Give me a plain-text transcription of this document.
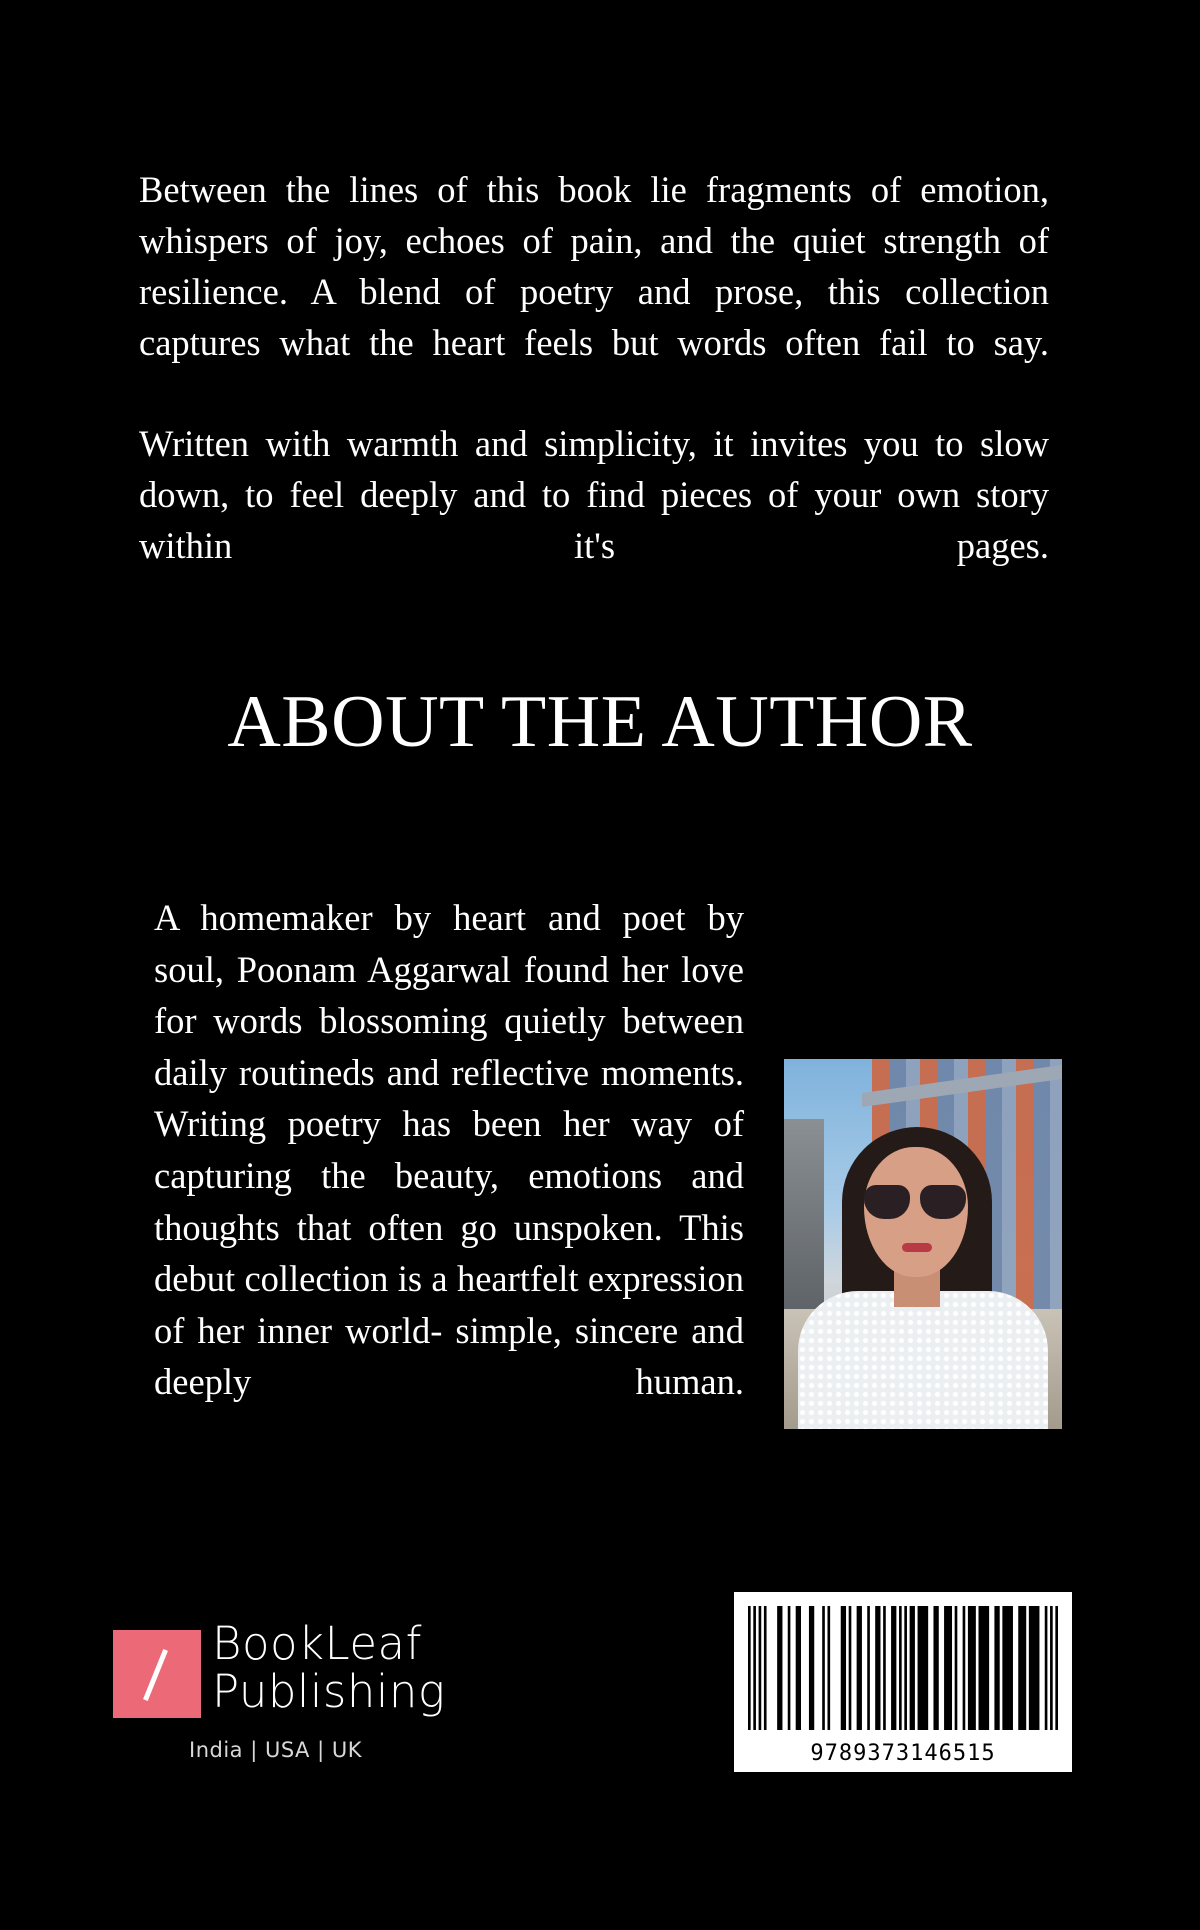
Between the lines of this book lie fragments of emotion, whispers of joy, echoes of pain, and the quiet strength of resilience. A blend of poetry and prose, this collection captures what the heart feels but words often fail to say.

Written with warmth and simplicity, it invites you to slow down, to feel deeply and to find pieces of your own story within it's pages.

ABOUT THE AUTHOR

A homemaker by heart and poet by soul, Poonam Aggarwal found her love for words blossoming quietly between daily routineds and reflective moments. Writing poetry has been her way of capturing the beauty, emotions and thoughts that often go unspoken. This debut collection is a heartfelt expression of her inner world- simple, sincere and deeply human.

BookLeaf
Publishing
India | USA | UK	9789373146515
